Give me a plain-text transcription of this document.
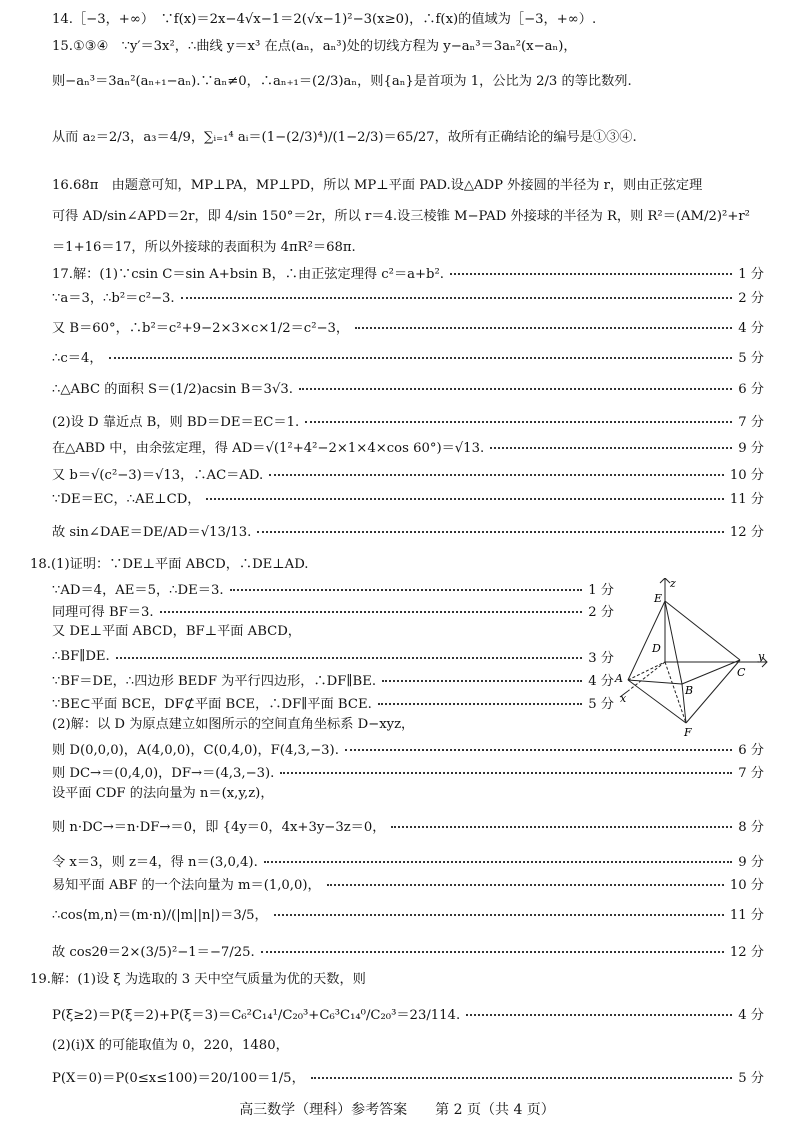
14.［−3，+∞）　∵f(x)＝2x−4√x−1＝2(√x−1)²−3(x≥0)，∴f(x)的值域为［−3，+∞）.
15.①③④　∵y′＝3x²，∴曲线 y＝x³ 在点(aₙ，aₙ³)处的切线方程为 y−aₙ³＝3aₙ²(x−aₙ)，
则−aₙ³＝3aₙ²(aₙ₊₁−aₙ).∵aₙ≠0，∴aₙ₊₁＝(2/3)aₙ，则{aₙ}是首项为 1，公比为 2/3 的等比数列.
从而 a₂＝2/3，a₃＝4/9，∑ᵢ₌₁⁴ aᵢ＝(1−(2/3)⁴)/(1−2/3)＝65/27，故所有正确结论的编号是①③④.
16.68π　由题意可知，MP⊥PA，MP⊥PD，所以 MP⊥平面 PAD.设△ADP 外接圆的半径为 r，则由正弦定理
可得 AD/sin∠APD＝2r，即 4/sin 150°＝2r，所以 r＝4.设三棱锥 M−PAD 外接球的半径为 R，则 R²＝(AM/2)²+r²
＝1+16＝17，所以外接球的表面积为 4πR²＝68π.
17.解：(1)∵csin C＝sin A+bsin B，∴由正弦定理得 c²＝a+b².	1 分
∵a＝3，∴b²＝c²−3.	2 分
又 B＝60°，∴b²＝c²+9−2×3×c×1/2＝c²−3，	4 分
∴c＝4，	5 分
∴△ABC 的面积 S＝(1/2)acsin B＝3√3.	6 分
(2)设 D 靠近点 B，则 BD＝DE＝EC＝1.	7 分
在△ABD 中，由余弦定理，得 AD＝√(1²+4²−2×1×4×cos 60°)＝√13.	9 分
又 b＝√(c²−3)＝√13，∴AC＝AD.	10 分
∵DE＝EC，∴AE⊥CD，	11 分
故 sin∠DAE＝DE/AD＝√13/13.	12 分
18.(1)证明：∵DE⊥平面 ABCD，∴DE⊥AD.
∵AD＝4，AE＝5，∴DE＝3.	1 分
同理可得 BF＝3.	2 分
又 DE⊥平面 ABCD，BF⊥平面 ABCD，
∴BF∥DE.	3 分
∵BF＝DE，∴四边形 BEDF 为平行四边形，∴DF∥BE.	4 分
∵BE⊂平面 BCE，DF⊄平面 BCE，∴DF∥平面 BCE.	5 分
(2)解：以 D 为原点建立如图所示的空间直角坐标系 D−xyz，
则 D(0,0,0)，A(4,0,0)，C(0,4,0)，F(4,3,−3).	6 分
则 DC→＝(0,4,0)，DF→＝(4,3,−3).	7 分
设平面 CDF 的法向量为 n＝(x,y,z)，
则 n·DC→＝n·DF→＝0，即 {4y＝0，4x+3y−3z＝0，	8 分
令 x＝3，则 z＝4，得 n＝(3,0,4).	9 分
易知平面 ABF 的一个法向量为 m＝(1,0,0)，	10 分
∴cos⟨m,n⟩＝(m·n)/(|m||n|)＝3/5，	11 分
故 cos2θ＝2×(3/5)²−1＝−7/25.	12 分
19.解：(1)设 ξ 为选取的 3 天中空气质量为优的天数，则
P(ξ≥2)＝P(ξ＝2)+P(ξ＝3)＝C₆²C₁₄¹/C₂₀³+C₆³C₁₄⁰/C₂₀³＝23/114.	4 分
(2)(ⅰ)X 的可能取值为 0，220，1480，
P(X＝0)＝P(0≤x≤100)＝20/100＝1/5，	5 分
z
E
D
C
y
A
B
x
F
高三数学（理科）参考答案　　第 2 页（共 4 页）
